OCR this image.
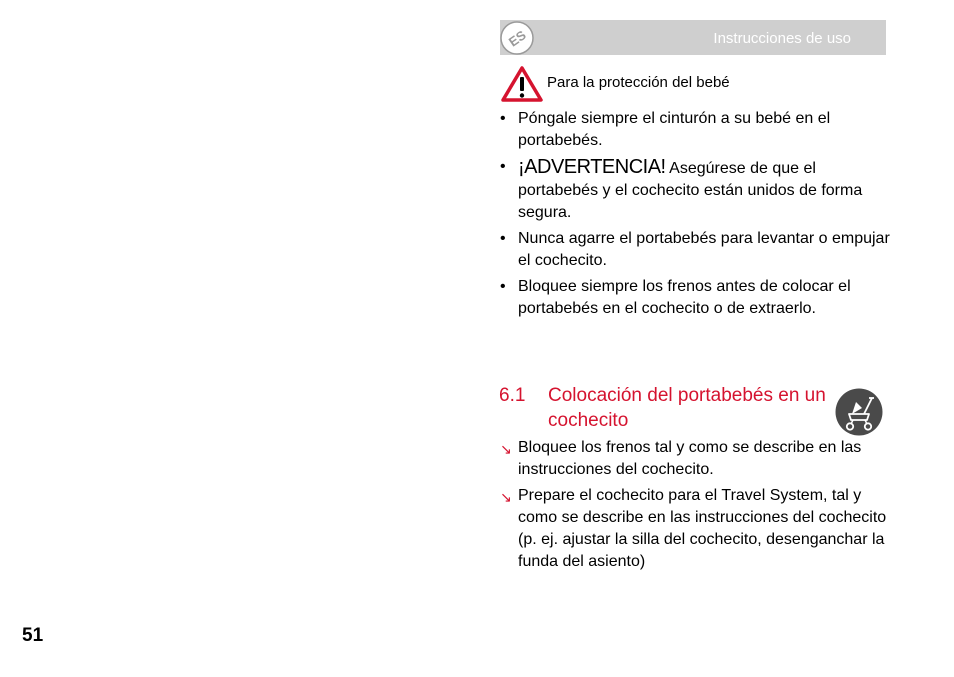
Instrucciones de uso
ES
Para la protección del bebé
• Póngale siempre el cinturón a su bebé en el portabebés.
• ¡ADVERTENCIA! Asegúrese de que el portabebés y el cochecito están unidos de forma segura.
• Nunca agarre el portabebés para levantar o empujar el cochecito.
• Bloquee siempre los frenos antes de colocar el portabebés en el cochecito o de extraerlo.
6.1 Colocación del portabebés en un cochecito
↘ Bloquee los frenos tal y como se describe en las instrucciones del cochecito.
↘ Prepare el cochecito para el Travel System, tal y como se describe en las instrucciones del cochecito (p. ej. ajustar la silla del cochecito, desenganchar la funda del asiento)
51
